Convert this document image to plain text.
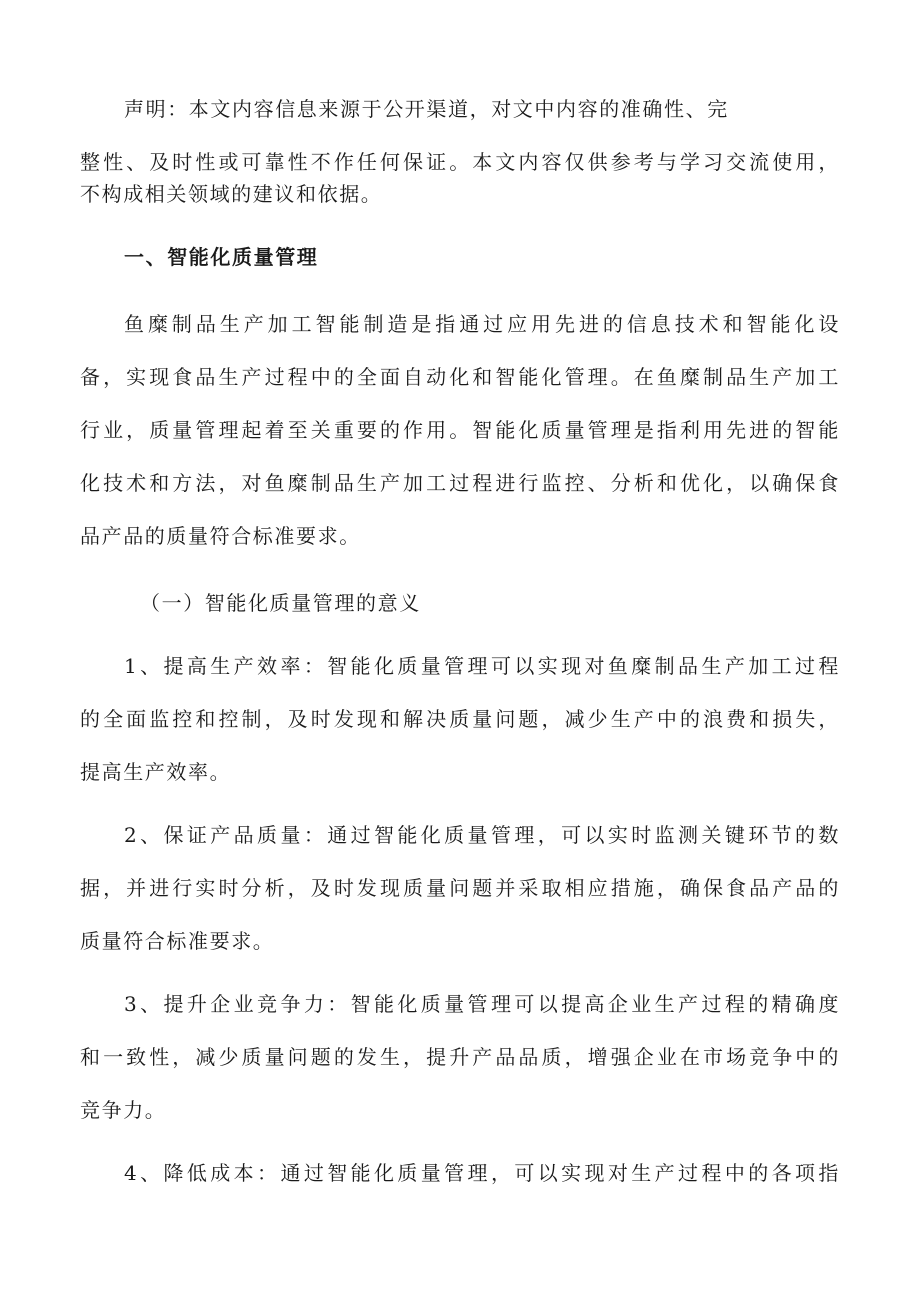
声明：本文内容信息来源于公开渠道，对文中内容的准确性、完
整性、及时性或可靠性不作任何保证。本文内容仅供参考与学习交流使用，
不构成相关领域的建议和依据。
一、智能化质量管理
鱼糜制品生产加工智能制造是指通过应用先进的信息技术和智能化设
备，实现食品生产过程中的全面自动化和智能化管理。在鱼糜制品生产加工
行业，质量管理起着至关重要的作用。智能化质量管理是指利用先进的智能
化技术和方法，对鱼糜制品生产加工过程进行监控、分析和优化，以确保食
品产品的质量符合标准要求。
（一）智能化质量管理的意义
1、提高生产效率：智能化质量管理可以实现对鱼糜制品生产加工过程
的全面监控和控制，及时发现和解决质量问题，减少生产中的浪费和损失，
提高生产效率。
2、保证产品质量：通过智能化质量管理，可以实时监测关键环节的数
据，并进行实时分析，及时发现质量问题并采取相应措施，确保食品产品的
质量符合标准要求。
3、提升企业竞争力：智能化质量管理可以提高企业生产过程的精确度
和一致性，减少质量问题的发生，提升产品品质，增强企业在市场竞争中的
竞争力。
4、降低成本：通过智能化质量管理，可以实现对生产过程中的各项指
